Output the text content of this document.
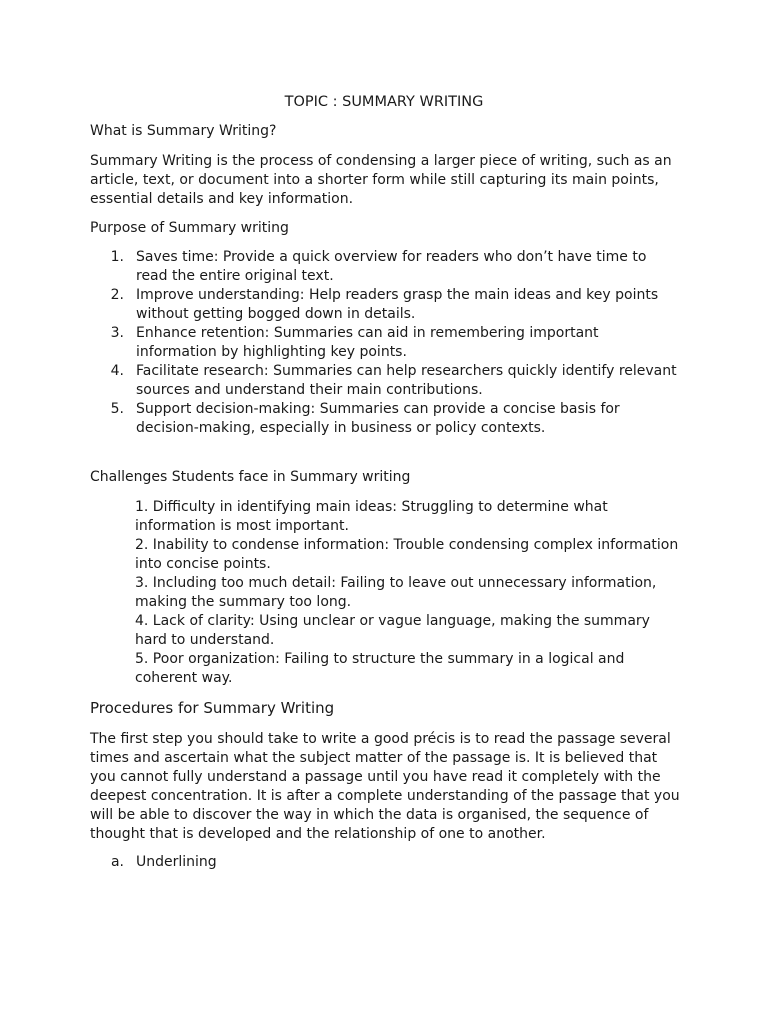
TOPIC : SUMMARY WRITING

What is Summary Writing?

Summary Writing is the process of condensing a larger piece of writing, such as an article, text, or document into a shorter form while still capturing its main points, essential details and key information.

Purpose of Summary writing

1. Saves time: Provide a quick overview for readers who don’t have time to read the entire original text.
2. Improve understanding: Help readers grasp the main ideas and key points without getting bogged down in details.
3. Enhance retention: Summaries can aid in remembering important information by highlighting key points.
4. Facilitate research: Summaries can help researchers quickly identify relevant sources and understand their main contributions.
5. Support decision-making: Summaries can provide a concise basis for decision-making, especially in business or policy contexts.

Challenges Students face in Summary writing

1. Difficulty in identifying main ideas: Struggling to determine what information is most important.
2. Inability to condense information: Trouble condensing complex information into concise points.
3. Including too much detail: Failing to leave out unnecessary information, making the summary too long.
4. Lack of clarity: Using unclear or vague language, making the summary hard to understand.
5. Poor organization: Failing to structure the summary in a logical and coherent way.
Procedures for Summary Writing

The first step you should take to write a good précis is to read the passage several times and ascertain what the subject matter of the passage is. It is believed that you cannot fully understand a passage until you have read it completely with the deepest concentration. It is after a complete understanding of the passage that you will be able to discover the way in which the data is organised, the sequence of thought that is developed and the relationship of one to another.

a. Underlining
